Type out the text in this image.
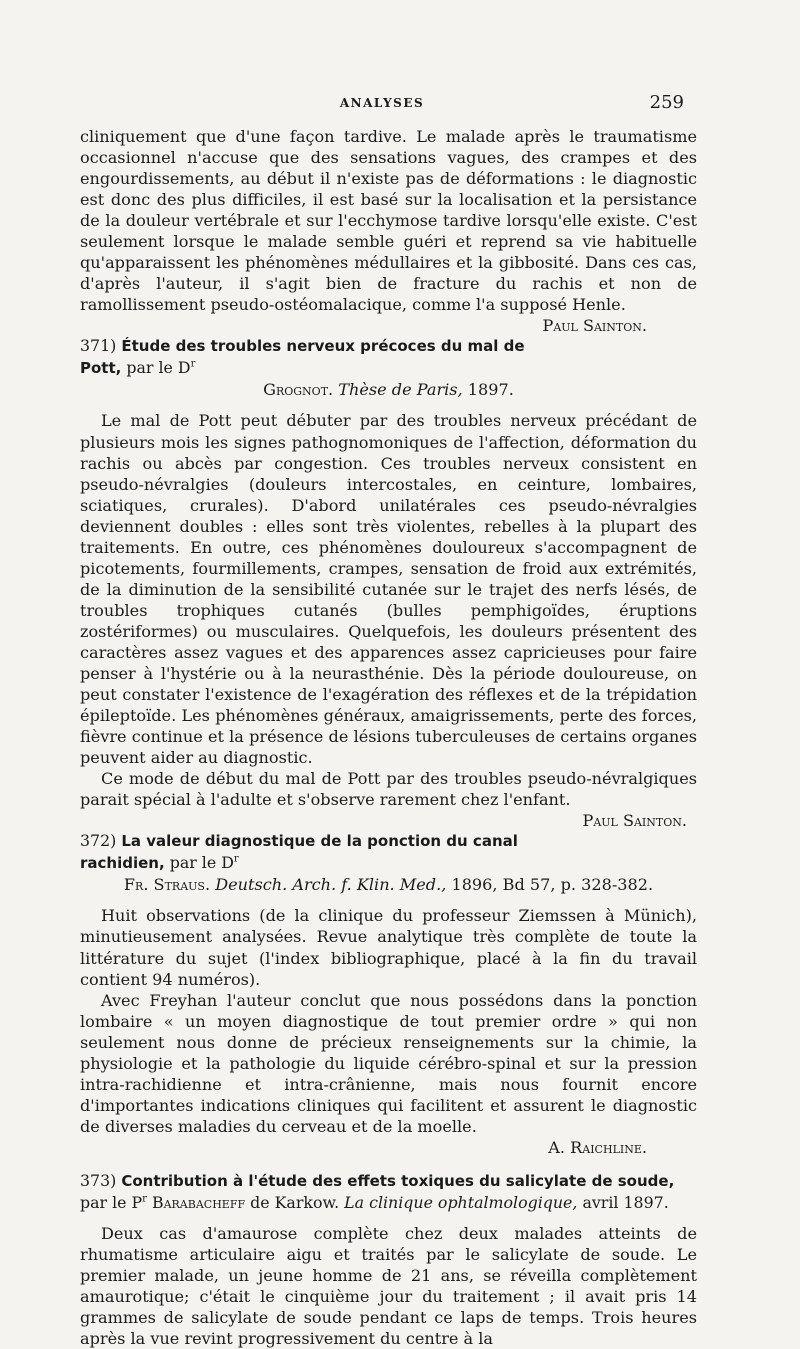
ANALYSES	259

cliniquement que d'une façon tardive. Le malade après le traumatisme occasionnel n'accuse que des sensations vagues, des crampes et des engourdissements, au début il n'existe pas de déformations : le diagnostic est donc des plus difficiles, il est basé sur la localisation et la persistance de la douleur vertébrale et sur l'ecchymose tardive lorsqu'elle existe. C'est seulement lorsque le malade semble guéri et reprend sa vie habituelle qu'apparaissent les phénomènes médullaires et la gibbosité. Dans ces cas, d'après l'auteur, il s'agit bien de fracture du rachis et non de ramollissement pseudo-ostéomalacique, comme l'a supposé Henle.
Paul Sainton.

371) Étude des troubles nerveux précoces du mal de Pott, par le $D^r$
Grognot. Thèse de Paris, 1897.

Le mal de Pott peut débuter par des troubles nerveux précédant de plusieurs mois les signes pathognomoniques de l'affection, déformation du rachis ou abcès par congestion. Ces troubles nerveux consistent en pseudo-névralgies (douleurs intercostales, en ceinture, lombaires, sciatiques, crurales). D'abord unilatérales ces pseudo-névralgies deviennent doubles : elles sont très violentes, rebelles à la plupart des traitements. En outre, ces phénomènes douloureux s'accompagnent de picotements, fourmillements, crampes, sensation de froid aux extrémités, de la diminution de la sensibilité cutanée sur le trajet des nerfs lésés, de troubles trophiques cutanés (bulles pemphigoïdes, éruptions zostériformes) ou musculaires. Quelquefois, les douleurs présentent des caractères assez vagues et des apparences assez capricieuses pour faire penser à l'hystérie ou à la neurasthénie. Dès la période douloureuse, on peut constater l'existence de l'exagération des réflexes et de la trépidation épileptoïde. Les phénomènes généraux, amaigrissements, perte des forces, fièvre continue et la présence de lésions tuberculeuses de certains organes peuvent aider au diagnostic.

Ce mode de début du mal de Pott par des troubles pseudo-névralgiques parait spécial à l'adulte et s'observe rarement chez l'enfant.
Paul Sainton.

372) La valeur diagnostique de la ponction du canal rachidien, par le $D^r$
Fr. Straus. Deutsch. Arch. f. Klin. Med., 1896, Bd 57, p. 328-382.

Huit observations (de la clinique du professeur Ziemssen à Münich), minutieusement analysées. Revue analytique très complète de toute la littérature du sujet (l'index bibliographique, placé à la fin du travail contient 94 numéros).

Avec Freyhan l'auteur conclut que nous possédons dans la ponction lombaire « un moyen diagnostique de tout premier ordre » qui non seulement nous donne de précieux renseignements sur la chimie, la physiologie et la pathologie du liquide cérébro-spinal et sur la pression intra-rachidienne et intra-crânienne, mais nous fournit encore d'importantes indications cliniques qui facilitent et assurent le diagnostic de diverses maladies du cerveau et de la moelle.

A. Raichline.

373) Contribution à l'étude des effets toxiques du salicylate de soude, par le $P^r$ Barabacheff de Karkow. La clinique ophtalmologique, avril 1897.

Deux cas d'amaurose complète chez deux malades atteints de rhumatisme articulaire aigu et traités par le salicylate de soude. Le premier malade, un jeune homme de 21 ans, se réveilla complètement amaurotique; c'était le cinquième jour du traitement ; il avait pris 14 grammes de salicylate de soude pendant ce laps de temps. Trois heures après la vue revint progressivement du centre à la
